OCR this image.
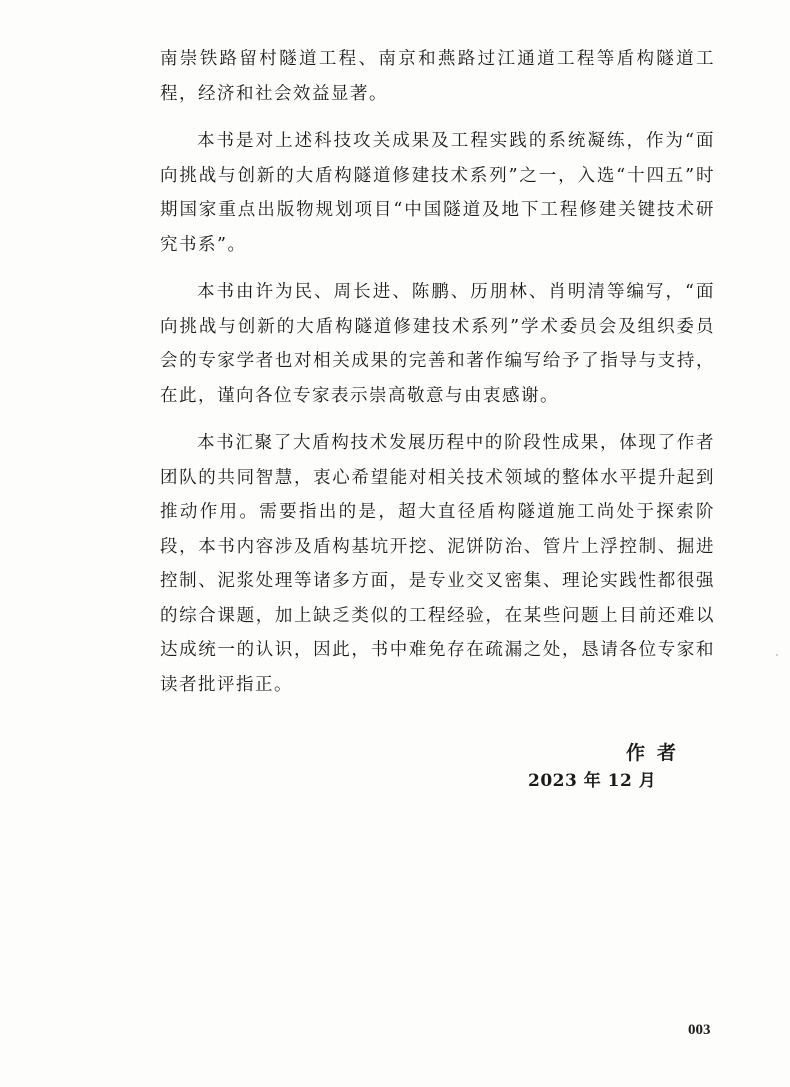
南崇铁路留村隧道工程、南京和燕路过江通道工程等盾构隧道工程，经济和社会效益显著。

本书是对上述科技攻关成果及工程实践的系统凝练，作为“面向挑战与创新的大盾构隧道修建技术系列”之一，入选“十四五”时期国家重点出版物规划项目“中国隧道及地下工程修建关键技术研究书系”。

本书由许为民、周长进、陈鹏、历朋林、肖明清等编写，“面向挑战与创新的大盾构隧道修建技术系列”学术委员会及组织委员会的专家学者也对相关成果的完善和著作编写给予了指导与支持，在此，谨向各位专家表示崇高敬意与由衷感谢。

本书汇聚了大盾构技术发展历程中的阶段性成果，体现了作者团队的共同智慧，衷心希望能对相关技术领域的整体水平提升起到推动作用。需要指出的是，超大直径盾构隧道施工尚处于探索阶段，本书内容涉及盾构基坑开挖、泥饼防治、管片上浮控制、掘进控制、泥浆处理等诸多方面，是专业交叉密集、理论实践性都很强的综合课题，加上缺乏类似的工程经验，在某些问题上目前还难以达成统一的认识，因此，书中难免存在疏漏之处，恳请各位专家和读者批评指正。

作者
2023 年 12 月
003
